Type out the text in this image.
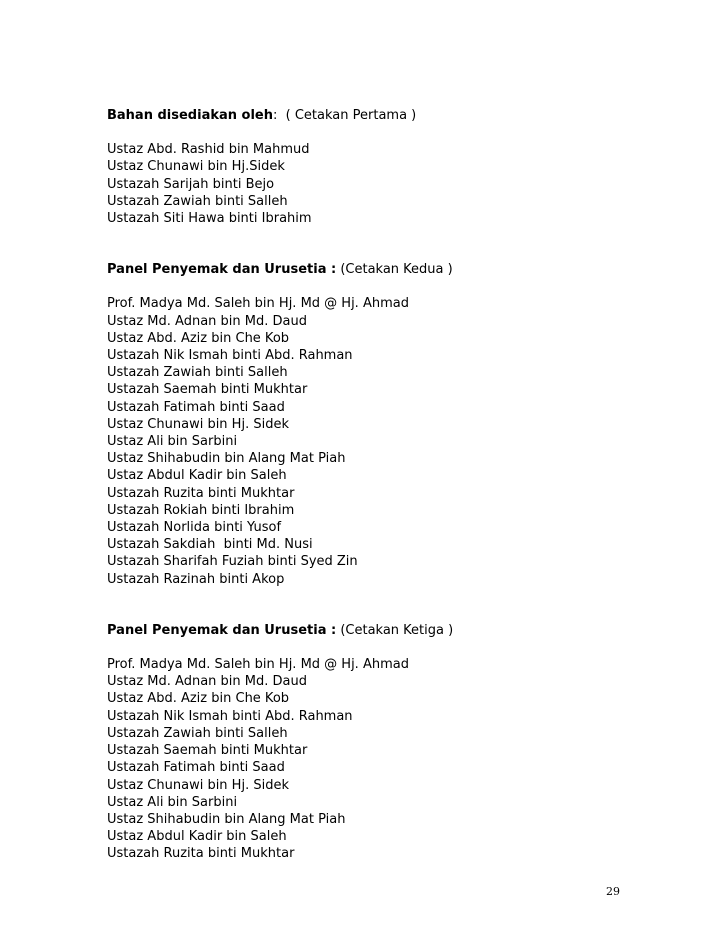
Bahan disediakan oleh:  ( Cetakan Pertama )

Ustaz Abd. Rashid bin Mahmud
Ustaz Chunawi bin Hj.Sidek
Ustazah Sarijah binti Bejo
Ustazah Zawiah binti Salleh
Ustazah Siti Hawa binti Ibrahim

Panel Penyemak dan Urusetia : (Cetakan Kedua )

Prof. Madya Md. Saleh bin Hj. Md @ Hj. Ahmad
Ustaz Md. Adnan bin Md. Daud
Ustaz Abd. Aziz bin Che Kob
Ustazah Nik Ismah binti Abd. Rahman
Ustazah Zawiah binti Salleh
Ustazah Saemah binti Mukhtar
Ustazah Fatimah binti Saad
Ustaz Chunawi bin Hj. Sidek
Ustaz Ali bin Sarbini
Ustaz Shihabudin bin Alang Mat Piah
Ustaz Abdul Kadir bin Saleh
Ustazah Ruzita binti Mukhtar
Ustazah Rokiah binti Ibrahim
Ustazah Norlida binti Yusof
Ustazah Sakdiah  binti Md. Nusi
Ustazah Sharifah Fuziah binti Syed Zin
Ustazah Razinah binti Akop

Panel Penyemak dan Urusetia : (Cetakan Ketiga )

Prof. Madya Md. Saleh bin Hj. Md @ Hj. Ahmad
Ustaz Md. Adnan bin Md. Daud
Ustaz Abd. Aziz bin Che Kob
Ustazah Nik Ismah binti Abd. Rahman
Ustazah Zawiah binti Salleh
Ustazah Saemah binti Mukhtar
Ustazah Fatimah binti Saad
Ustaz Chunawi bin Hj. Sidek
Ustaz Ali bin Sarbini
Ustaz Shihabudin bin Alang Mat Piah
Ustaz Abdul Kadir bin Saleh
Ustazah Ruzita binti Mukhtar
29
